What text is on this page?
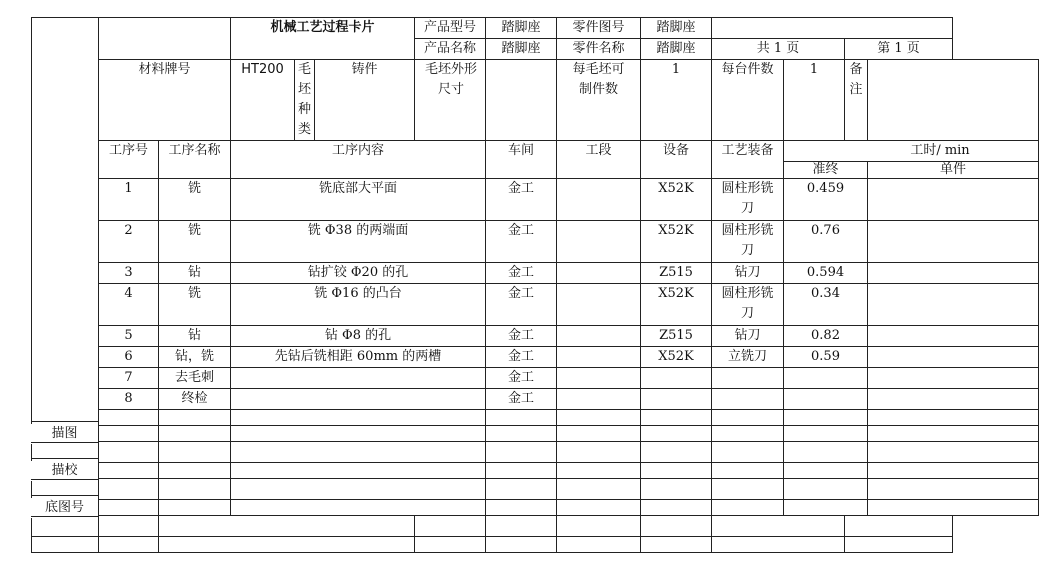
			机械工艺过程卡片			产品型号	踏脚座	零件图号	踏脚座				
						产品名称	踏脚座	零件名称	踏脚座	共 1 页		第 1 页	
	材料牌号		HT200	毛坯种类	铸件	毛坯外形尺寸		每毛坯可制件数	1	每台件数	1	备注	
	工序号	工序名称	工序内容				车间	工段	设备	工艺装备	工时/ min		
											准终		单件
	1	铣	铣底部大平面				金工		X52K	圆柱形铣刀	0.459		
	2	铣	铣 Φ38 的两端面				金工		X52K	圆柱形铣刀	0.76		
	3	钻	钻扩铰 Φ20 的孔				金工		Z515	钻刀	0.594		
	4	铣	铣 Φ16 的凸台				金工		X52K	圆柱形铣刀	0.34		
	5	钻	钻 Φ8 的孔				金工		Z515	钻刀	0.82		
	6	钻，铣	先钻后铣相距 60mm 的两槽				金工		X52K	立铣刀	0.59		
	7	去毛刺					金工						
	8	终检					金工						

描图
描校
底图号
